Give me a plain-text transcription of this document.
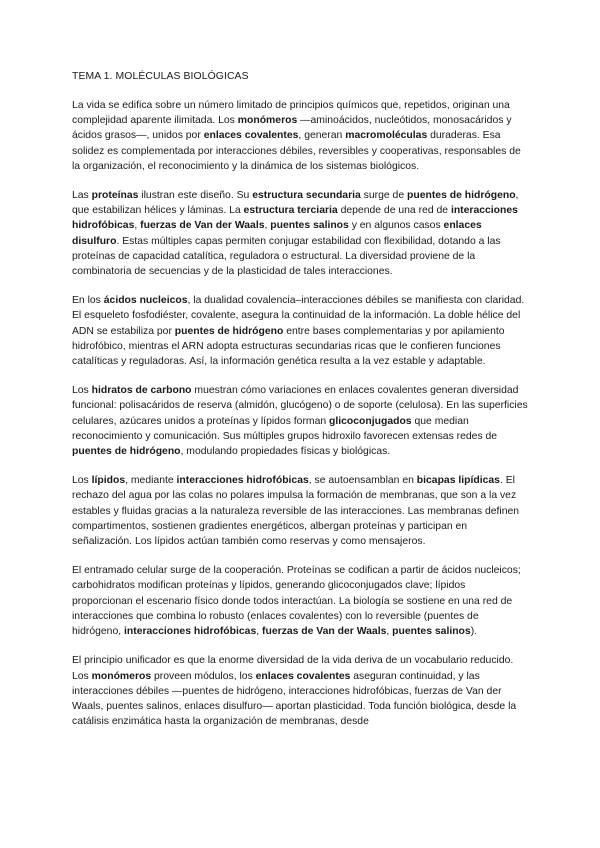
TEMA 1. MOLÉCULAS BIOLÓGICAS

La vida se edifica sobre un número limitado de principios químicos que, repetidos, originan una complejidad aparente ilimitada. Los monómeros —aminoácidos, nucleótidos, monosacáridos y ácidos grasos—, unidos por enlaces covalentes, generan macromoléculas duraderas. Esa solidez es complementada por interacciones débiles, reversibles y cooperativas, responsables de la organización, el reconocimiento y la dinámica de los sistemas biológicos.

Las proteínas ilustran este diseño. Su estructura secundaria surge de puentes de hidrógeno, que estabilizan hélices y láminas. La estructura terciaria depende de una red de interacciones hidrofóbicas, fuerzas de Van der Waals, puentes salinos y en algunos casos enlaces disulfuro. Estas múltiples capas permiten conjugar estabilidad con flexibilidad, dotando a las proteínas de capacidad catalítica, reguladora o estructural. La diversidad proviene de la combinatoria de secuencias y de la plasticidad de tales interacciones.

En los ácidos nucleicos, la dualidad covalencia–interacciones débiles se manifiesta con claridad. El esqueleto fosfodiéster, covalente, asegura la continuidad de la información. La doble hélice del ADN se estabiliza por puentes de hidrógeno entre bases complementarias y por apilamiento hidrofóbico, mientras el ARN adopta estructuras secundarias ricas que le confieren funciones catalíticas y reguladoras. Así, la información genética resulta a la vez estable y adaptable.

Los hidratos de carbono muestran cómo variaciones en enlaces covalentes generan diversidad funcional: polisacáridos de reserva (almidón, glucógeno) o de soporte (celulosa). En las superficies celulares, azúcares unidos a proteínas y lípidos forman glicoconjugados que median reconocimiento y comunicación. Sus múltiples grupos hidroxilo favorecen extensas redes de puentes de hidrógeno, modulando propiedades físicas y biológicas.

Los lípidos, mediante interacciones hidrofóbicas, se autoensamblan en bicapas lipídicas. El rechazo del agua por las colas no polares impulsa la formación de membranas, que son a la vez estables y fluidas gracias a la naturaleza reversible de las interacciones. Las membranas definen compartimentos, sostienen gradientes energéticos, albergan proteínas y participan en señalización. Los lípidos actúan también como reservas y como mensajeros.

El entramado celular surge de la cooperación. Proteínas se codifican a partir de ácidos nucleicos; carbohidratos modifican proteínas y lípidos, generando glicoconjugados clave; lípidos proporcionan el escenario físico donde todos interactúan. La biología se sostiene en una red de interacciones que combina lo robusto (enlaces covalentes) con lo reversible (puentes de hidrógeno, interacciones hidrofóbicas, fuerzas de Van der Waals, puentes salinos).

El principio unificador es que la enorme diversidad de la vida deriva de un vocabulario reducido. Los monómeros proveen módulos, los enlaces covalentes aseguran continuidad, y las interacciones débiles —puentes de hidrógeno, interacciones hidrofóbicas, fuerzas de Van der Waals, puentes salinos, enlaces disulfuro— aportan plasticidad. Toda función biológica, desde la catálisis enzimática hasta la organización de membranas, desde
